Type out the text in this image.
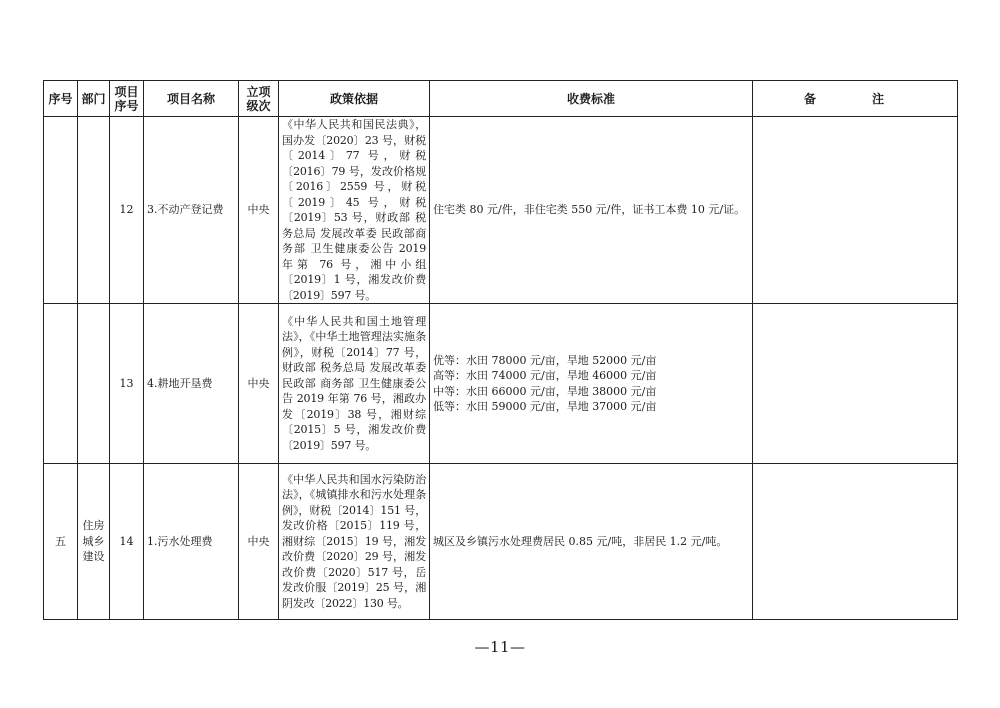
序号	部门	项目序号	项目名称	立项级次	政策依据	收费标准	备　注
		12	3.不动产登记费	中央	《中华人民共和国民法典》，国办发〔2020〕23 号，财税〔2014〕77 号，财税〔2016〕79 号，发改价格规〔2016〕2559 号，财税〔2019〕45 号，财税〔2019〕53 号，财政部 税务总局 发展改革委 民政部商务部 卫生健康委公告 2019 年第 76 号，湘中小组〔2019〕1 号，湘发改价费〔2019〕597 号。	住宅类 80 元/件，非住宅类 550 元/件，证书工本费 10 元/证。	

		13	4.耕地开垦费	中央	《中华人民共和国土地管理法》，《中华土地管理法实施条例》，财税〔2014〕77 号，财政部 税务总局 发展改革委 民政部 商务部 卫生健康委公告 2019 年第 76 号，湘政办发〔2019〕38 号，湘财综〔2015〕5 号，湘发改价费〔2019〕597 号。	优等：水田 78000 元/亩，旱地 52000 元/亩
高等：水田 74000 元/亩，旱地 46000 元/亩
中等：水田 66000 元/亩，旱地 38000 元/亩
低等：水田 59000 元/亩，旱地 37000 元/亩	

五	住房城乡建设	14	1.污水处理费	中央	《中华人民共和国水污染防治法》，《城镇排水和污水处理条例》，财税〔2014〕151 号，发改价格〔2015〕119 号，湘财综〔2015〕19 号，湘发改价费〔2020〕29 号，湘发改价费〔2020〕517 号，岳发改价服〔2019〕25 号，湘阴发改〔2022〕130 号。	城区及乡镇污水处理费居民 0.85 元/吨，非居民 1.2 元/吨。	

—11—
